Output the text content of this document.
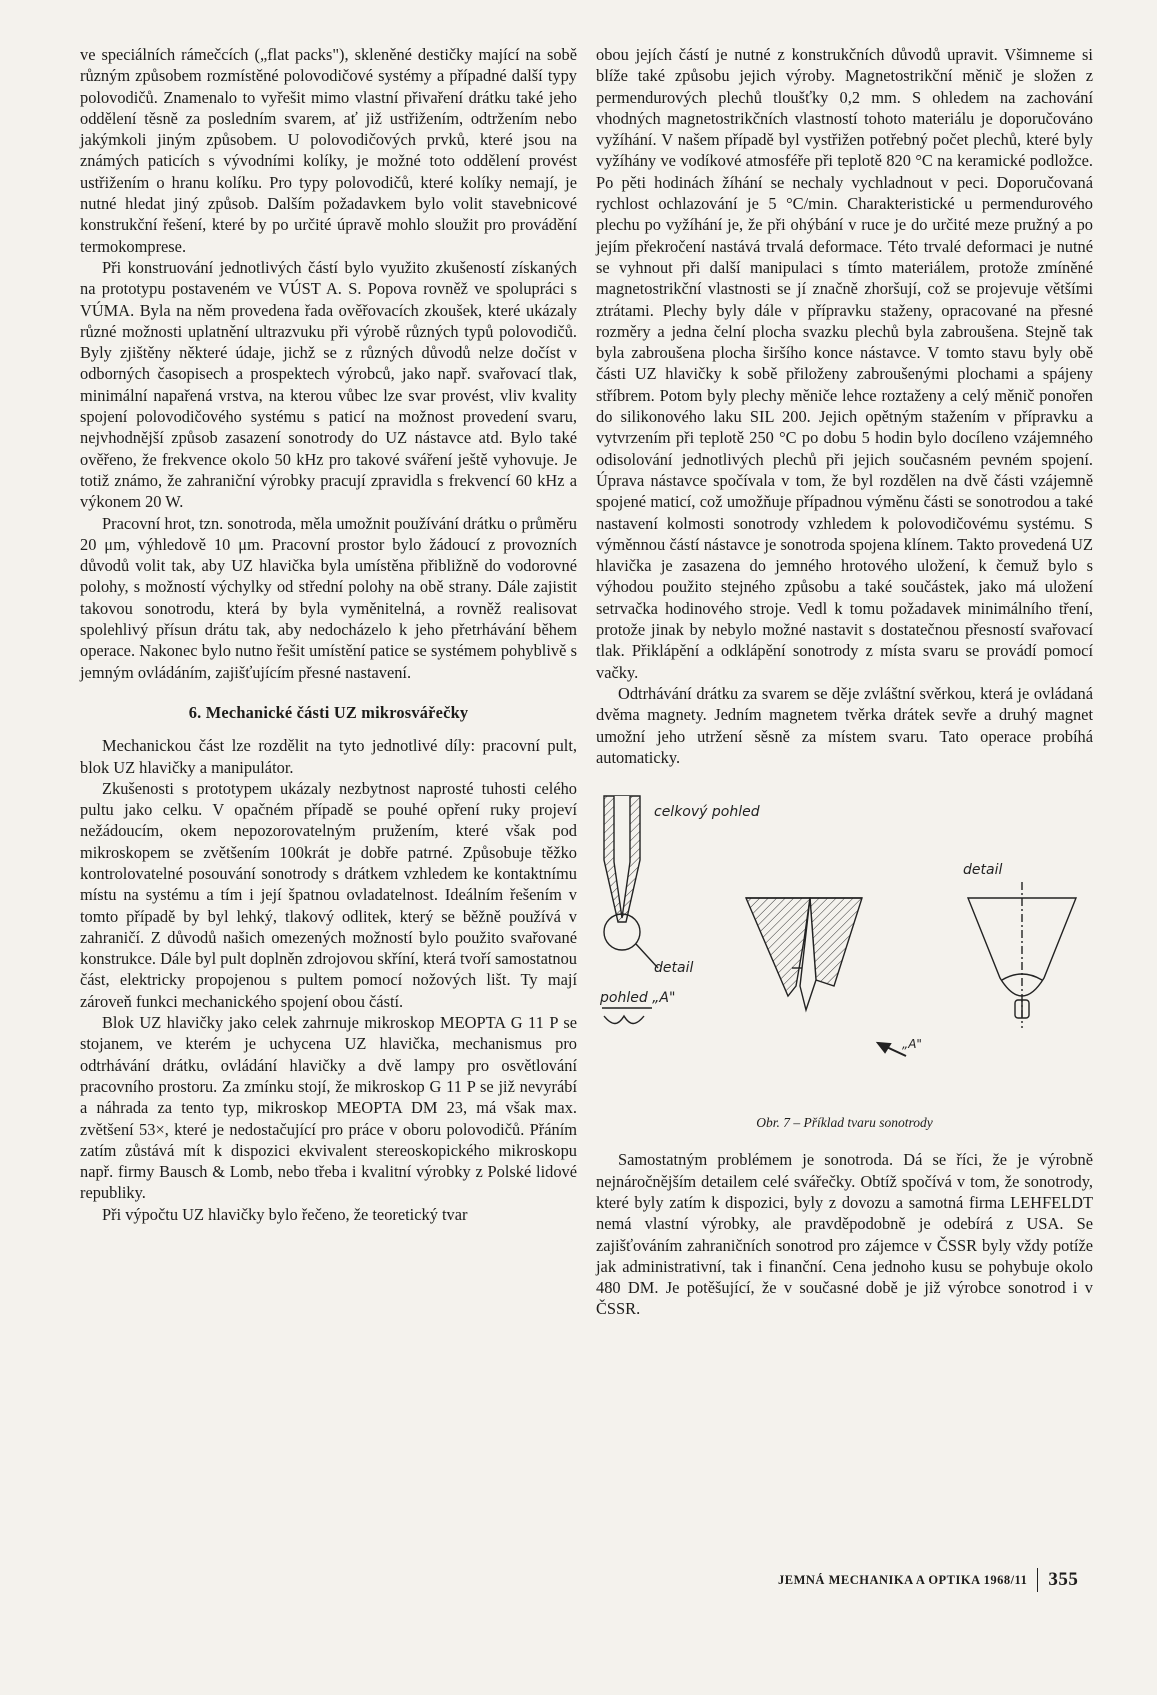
ve speciálních rámečcích („flat packs"), skleněné destičky mající na sobě různým způsobem rozmístěné polovodičové systémy a případné další typy polovodičů. Znamenalo to vyřešit mimo vlastní přivaření drátku také jeho oddělení těsně za posledním svarem, ať již ustřižením, odtržením nebo jakýmkoli jiným způsobem. U polovodičových prvků, které jsou na známých paticích s vývodními kolíky, je možné toto oddělení provést ustřižením o hranu kolíku. Pro typy polovodičů, které kolíky nemají, je nutné hledat jiný způsob. Dalším požadavkem bylo volit stavebnicové konstrukční řešení, které by po určité úpravě mohlo sloužit pro provádění termokomprese.

Při konstruování jednotlivých částí bylo využito zkušeností získaných na prototypu postaveném ve VÚST A. S. Popova rovněž ve spolupráci s VÚMA. Byla na něm provedena řada ověřovacích zkoušek, které ukázaly různé možnosti uplatnění ultrazvuku při výrobě různých typů polovodičů. Byly zjištěny některé údaje, jichž se z různých důvodů nelze dočíst v odborných časopisech a prospektech výrobců, jako např. svařovací tlak, minimální napařená vrstva, na kterou vůbec lze svar provést, vliv kvality spojení polovodičového systému s paticí na možnost provedení svaru, nejvhodnější způsob zasazení sonotrody do UZ nástavce atd. Bylo také ověřeno, že frekvence okolo 50 kHz pro takové sváření ještě vyhovuje. Je totiž známo, že zahraniční výrobky pracují zpravidla s frekvencí 60 kHz a výkonem 20 W.

Pracovní hrot, tzn. sonotroda, měla umožnit používání drátku o průměru 20 μm, výhledově 10 μm. Pracovní prostor bylo žádoucí z provozních důvodů volit tak, aby UZ hlavička byla umístěna přibližně do vodorovné polohy, s možností výchylky od střední polohy na obě strany. Dále zajistit takovou sonotrodu, která by byla vyměnitelná, a rovněž realisovat spolehlivý přísun drátu tak, aby nedocházelo k jeho přetrhávání během operace. Nakonec bylo nutno řešit umístění patice se systémem pohyblivě s jemným ovládáním, zajišťujícím přesné nastavení.

6. Mechanické části UZ mikrosvářečky

Mechanickou část lze rozdělit na tyto jednotlivé díly: pracovní pult, blok UZ hlavičky a manipulátor.

Zkušenosti s prototypem ukázaly nezbytnost naprosté tuhosti celého pultu jako celku. V opačném případě se pouhé opření ruky projeví nežádoucím, okem nepozorovatelným pružením, které však pod mikroskopem se zvětšením 100krát je dobře patrné. Způsobuje těžko kontrolovatelné posouvání sonotrody s drátkem vzhledem ke kontaktnímu místu na systému a tím i její špatnou ovladatelnost. Ideálním řešením v tomto případě by byl lehký, tlakový odlitek, který se běžně používá v zahraničí. Z důvodů našich omezených možností bylo použito svařované konstrukce. Dále byl pult doplněn zdrojovou skříní, která tvoří samostatnou část, elektricky propojenou s pultem pomocí nožových lišt. Ty mají zároveň funkci mechanického spojení obou částí.

Blok UZ hlavičky jako celek zahrnuje mikroskop MEOPTA G 11 P se stojanem, ve kterém je uchycena UZ hlavička, mechanismus pro odtrhávání drátku, ovládání hlavičky a dvě lampy pro osvětlování pracovního prostoru. Za zmínku stojí, že mikroskop G 11 P se již nevyrábí a náhrada za tento typ, mikroskop MEOPTA DM 23, má však max. zvětšení 53×, které je nedostačující pro práce v oboru polovodičů. Přáním zatím zůstává mít k dispozici ekvivalent stereoskopického mikroskopu např. firmy Bausch & Lomb, nebo třeba i kvalitní výrobky z Polské lidové republiky.

Při výpočtu UZ hlavičky bylo řečeno, že teoretický tvar

obou jejích částí je nutné z konstrukčních důvodů upravit. Všimneme si blíže také způsobu jejich výroby. Magnetostrikční měnič je složen z permendurových plechů tloušťky 0,2 mm. S ohledem na zachování vhodných magnetostrikčních vlastností tohoto materiálu je doporučováno vyžíhání. V našem případě byl vystřižen potřebný počet plechů, které byly vyžíhány ve vodíkové atmosféře při teplotě 820 °C na keramické podložce. Po pěti hodinách žíhání se nechaly vychladnout v peci. Doporučovaná rychlost ochlazování je 5 °C/min. Charakteristické u permendurového plechu po vyžíhání je, že při ohýbání v ruce je do určité meze pružný a po jejím překročení nastává trvalá deformace. Této trvalé deformaci je nutné se vyhnout při další manipulaci s tímto materiálem, protože zmíněné magnetostrikční vlastnosti se jí značně zhoršují, což se projevuje většími ztrátami. Plechy byly dále v přípravku staženy, opracované na přesné rozměry a jedna čelní plocha svazku plechů byla zabroušena. Stejně tak byla zabroušena plocha širšího konce nástavce. V tomto stavu byly obě části UZ hlavičky k sobě přiloženy zabroušenými plochami a spájeny stříbrem. Potom byly plechy měniče lehce roztaženy a celý měnič ponořen do silikonového laku SIL 200. Jejich opětným stažením v přípravku a vytvrzením při teplotě 250 °C po dobu 5 hodin bylo docíleno vzájemného odisolování jednotlivých plechů při jejich současném pevném spojení. Úprava nástavce spočívala v tom, že byl rozdělen na dvě části vzájemně spojené maticí, což umožňuje případnou výměnu části se sonotrodou a také nastavení kolmosti sonotrody vzhledem k polovodičovému systému. S výměnnou částí nástavce je sonotroda spojena klínem. Takto provedená UZ hlavička je zasazena do jemného hrotového uložení, k čemuž bylo s výhodou použito stejného způsobu a také součástek, jako má uložení setrvačka hodinového stroje. Vedl k tomu požadavek minimálního tření, protože jinak by nebylo možné nastavit s dostatečnou přesností svařovací tlak. Přiklápění a odklápění sonotrody z místa svaru se provádí pomocí vačky.

Odtrhávání drátku za svarem se děje zvláštní svěrkou, která je ovládaná dvěma magnety. Jedním magnetem tvěrka drátek sevře a druhý magnet umožní jeho utržení sěsně za místem svaru. Tato operace probíhá automaticky.

celkový pohled
detail
pohled „A"
detail
„A"
Obr. 7 – Příklad tvaru sonotrody

Samostatným problémem je sonotroda. Dá se říci, že je výrobně nejnáročnějším detailem celé svářečky. Obtíž spočívá v tom, že sonotrody, které byly zatím k dispozici, byly z dovozu a samotná firma LEHFELDT nemá vlastní výrobky, ale pravděpodobně je odebírá z USA. Se zajišťováním zahraničních sonotrod pro zájemce v ČSSR byly vždy potíže jak administrativní, tak i finanční. Cena jednoho kusu se pohybuje okolo 480 DM. Je potěšující, že v současné době je již výrobce sonotrod i v ČSSR.

JEMNÁ MECHANIKA A OPTIKA 1968/11 355
